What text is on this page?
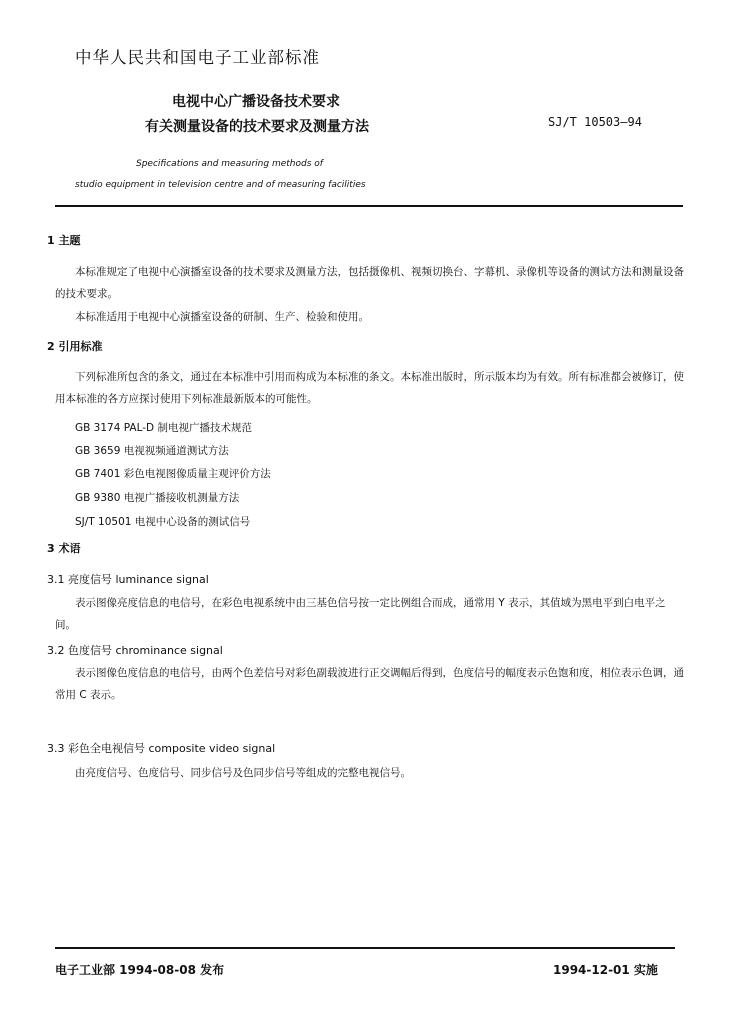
中华人民共和国电子工业部标准
电视中心广播设备技术要求
有关测量设备的技术要求及测量方法	SJ/T 10503—94
Specifications and measuring methods of
studio equipment in television centre and of measuring facilities
1 主题
本标准规定了电视中心演播室设备的技术要求及测量方法，包括摄像机、视频切换台、字幕机、录像机等设备的测试方法和测量设备的技术要求。
本标准适用于电视中心演播室设备的研制、生产、检验和使用。
2 引用标准
下列标准所包含的条文，通过在本标准中引用而构成为本标准的条文。本标准出版时，所示版本均为有效。所有标准都会被修订，使用本标准的各方应探讨使用下列标准最新版本的可能性。
GB 3174 PAL-D 制电视广播技术规范
GB 3659 电视视频通道测试方法
GB 7401 彩色电视图像质量主观评价方法
GB 9380 电视广播接收机测量方法
SJ/T 10501 电视中心设备的测试信号
3 术语
3.1 亮度信号 luminance signal
表示图像亮度信息的电信号，在彩色电视系统中由三基色信号按一定比例组合而成，通常用 Y 表示，其值域为黑电平到白电平之间。
3.2 色度信号 chrominance signal
表示图像色度信息的电信号，由两个色差信号对彩色副载波进行正交调幅后得到，色度信号的幅度表示色饱和度，相位表示色调，通常用 C 表示。
3.3 彩色全电视信号 composite video signal
由亮度信号、色度信号、同步信号及色同步信号等组成的完整电视信号。
电子工业部 1994-08-08 发布	1994-12-01 实施
